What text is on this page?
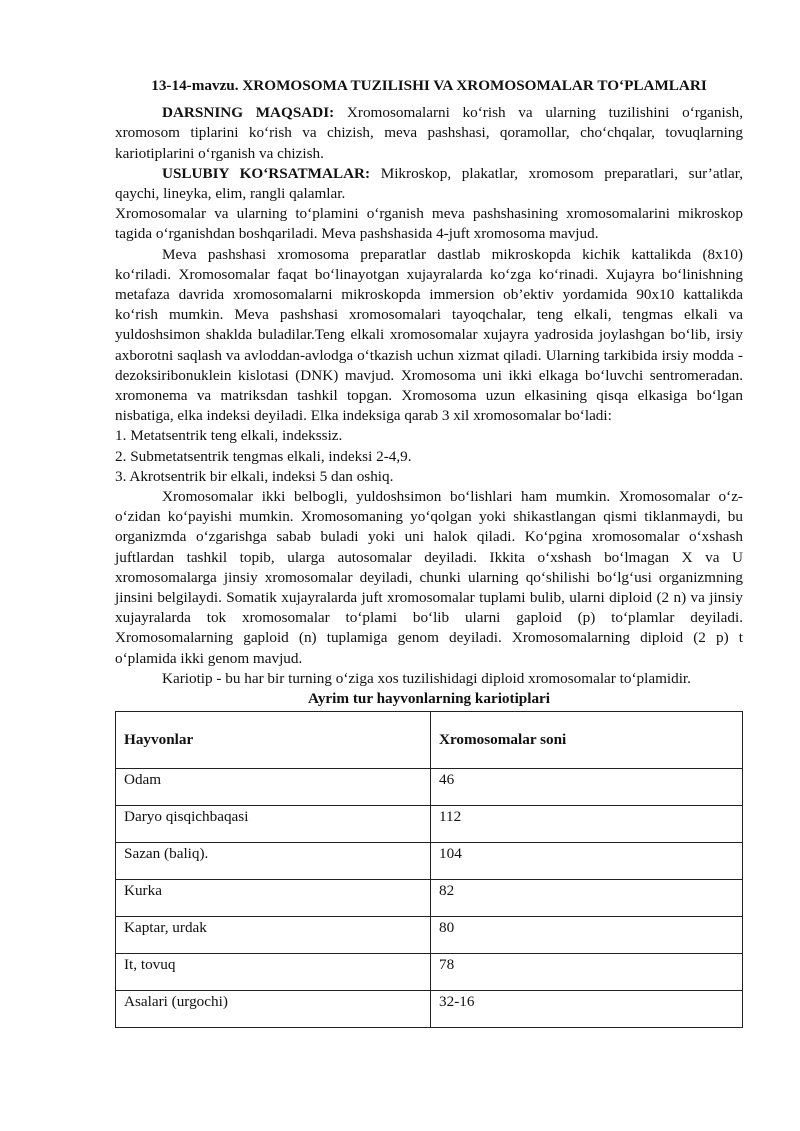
13-14-mavzu. XROMOSOMA TUZILISHI VA XROMOSOMALAR TOʻPLAMLARI

DARSNING MAQSADI: Xromosomalarni koʻrish va ularning tuzilishini oʻrganish, xromosom tiplarini koʻrish va chizish, meva pashshasi, qoramollar, choʻchqalar, tovuqlarning kariotiplarini oʻrganish va chizish.

USLUBIY KOʻRSATMALAR: Mikroskop, plakatlar, xromosom preparatlari, sur’atlar, qaychi, lineyka, elim, rangli qalamlar.

Xromosomalar va ularning toʻplamini oʻrganish meva pashshasining xromosomalarini mikroskop tagida oʻrganishdan boshqariladi. Meva pashshasida 4-juft xromosoma mavjud.

Meva pashshasi xromosoma preparatlar dastlab mikroskopda kichik kattalikda (8x10) koʻriladi. Xromosomalar faqat boʻlinayotgan xujayralarda koʻzga koʻrinadi. Xujayra boʻlinishning metafaza davrida xromosomalarni mikroskopda immersion ob’ektiv yordamida 90x10 kattalikda koʻrish mumkin. Meva pashshasi xromosomalari tayoqchalar, teng elkali, tengmas elkali va yuldoshsimon shaklda buladilar.Teng elkali xromosomalar xujayra yadrosida joylashgan boʻlib, irsiy axborotni saqlash va avloddan-avlodga oʻtkazish uchun xizmat qiladi. Ularning tarkibida irsiy modda - dezoksiribonuklein kislotasi (DNK) mavjud. Xromosoma uni ikki elkaga boʻluvchi sentromeradan. xromonema va matriksdan tashkil topgan. Xromosoma uzun elkasining qisqa elkasiga boʻlgan nisbatiga, elka indeksi deyiladi. Elka indeksiga qarab 3 xil xromosomalar boʻladi:

1. Metatsentrik teng elkali, indekssiz.

2. Submetatsentrik tengmas elkali, indeksi 2-4,9.

3. Akrotsentrik bir elkali, indeksi 5 dan oshiq.

Xromosomalar ikki belbogli, yuldoshsimon boʻlishlari ham mumkin. Xromosomalar oʻz-oʻzidan koʻpayishi mumkin. Xromosomaning yoʻqolgan yoki shikastlangan qismi tiklanmaydi, bu organizmda oʻzgarishga sabab buladi yoki uni halok qiladi. Koʻpgina xromosomalar oʻxshash juftlardan tashkil topib, ularga autosomalar deyiladi. Ikkita oʻxshash boʻlmagan X va U xromosomalarga jinsiy xromosomalar deyiladi, chunki ularning qoʻshilishi boʻlgʻusi organizmning jinsini belgilaydi. Somatik xujayralarda juft xromosomalar tuplami bulib, ularni diploid (2 n) va jinsiy xujayralarda tok xromosomalar toʻplami boʻlib ularni gaploid (p) toʻplamlar deyiladi. Xromosomalarning gaploid (n) tuplamiga genom deyiladi. Xromosomalarning diploid (2 p) t oʻplamida ikki genom mavjud.

Kariotip - bu har bir turning oʻziga xos tuzilishidagi diploid xromosomalar toʻplamidir.

Ayrim tur hayvonlarning kariotiplari

Hayvonlar	Xromosomalar soni

Odam	46

Daryo qisqichbaqasi	112

Sazan (baliq).	104

Kurka	82

Kaptar, urdak	80

It, tovuq	78

Asalari (urgochi)	32-16
